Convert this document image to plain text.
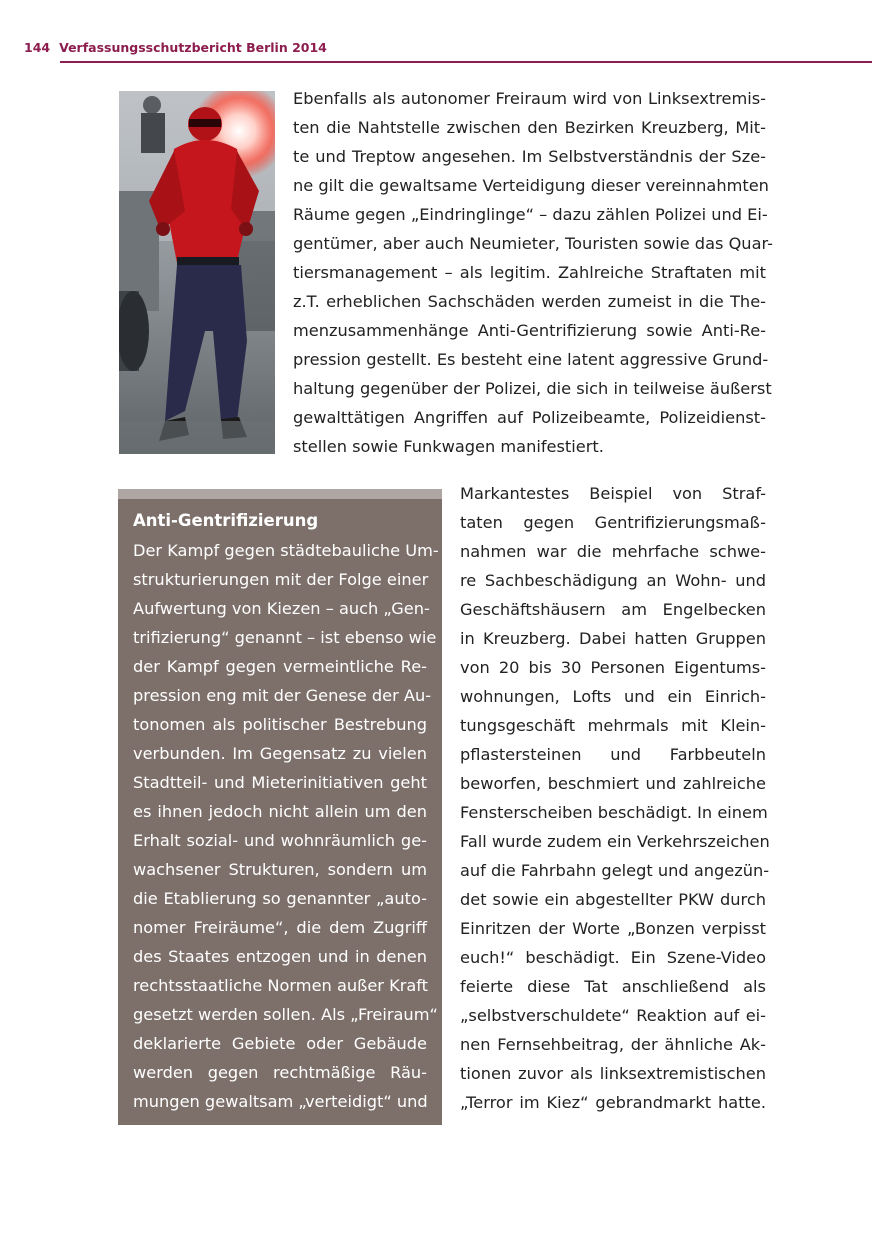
144 Verfassungsschutzbericht Berlin 2014
Ebenfalls als autonomer Freiraum wird von Linksextremis-
ten die Nahtstelle zwischen den Bezirken Kreuzberg, Mit-
te und Treptow angesehen. Im Selbstverständnis der Sze-
ne gilt die gewaltsame Verteidigung dieser vereinnahmten
Räume gegen „Eindringlinge“ – dazu zählen Polizei und Ei-
gentümer, aber auch Neumieter, Touristen sowie das Quar-
tiersmanagement – als legitim. Zahlreiche Straftaten mit
z.T. erheblichen Sachschäden werden zumeist in die The-
menzusammenhänge Anti-Gentrifizierung sowie Anti-Re-
pression gestellt. Es besteht eine latent aggressive Grund-
haltung gegenüber der Polizei, die sich in teilweise äußerst
gewalttätigen Angriffen auf Polizeibeamte, Polizeidienst-
stellen sowie Funkwagen manifestiert.
Anti-Gentrifizierung
Der Kampf gegen städtebauliche Um-
strukturierungen mit der Folge einer
Aufwertung von Kiezen – auch „Gen-
trifizierung“ genannt – ist ebenso wie
der Kampf gegen vermeintliche Re-
pression eng mit der Genese der Au-
tonomen als politischer Bestrebung
verbunden. Im Gegensatz zu vielen
Stadtteil- und Mieterinitiativen geht
es ihnen jedoch nicht allein um den
Erhalt sozial- und wohnräumlich ge-
wachsener Strukturen, sondern um
die Etablierung so genannter „auto-
nomer Freiräume“, die dem Zugriff
des Staates entzogen und in denen
rechtsstaatliche Normen außer Kraft
gesetzt werden sollen. Als „Freiraum“
deklarierte Gebiete oder Gebäude
werden gegen rechtmäßige Räu-
mungen gewaltsam „verteidigt“ und
Markantestes Beispiel von Straf-
taten gegen Gentrifizierungsmaß-
nahmen war die mehrfache schwe-
re Sachbeschädigung an Wohn- und
Geschäftshäusern am Engelbecken
in Kreuzberg. Dabei hatten Gruppen
von 20 bis 30 Personen Eigentums-
wohnungen, Lofts und ein Einrich-
tungsgeschäft mehrmals mit Klein-
pflastersteinen und Farbbeuteln
beworfen, beschmiert und zahlreiche
Fensterscheiben beschädigt. In einem
Fall wurde zudem ein Verkehrszeichen
auf die Fahrbahn gelegt und angezün-
det sowie ein abgestellter PKW durch
Einritzen der Worte „Bonzen verpisst
euch!“ beschädigt. Ein Szene-Video
feierte diese Tat anschließend als
„selbstverschuldete“ Reaktion auf ei-
nen Fernsehbeitrag, der ähnliche Ak-
tionen zuvor als linksextremistischen
„Terror im Kiez“ gebrandmarkt hatte.
